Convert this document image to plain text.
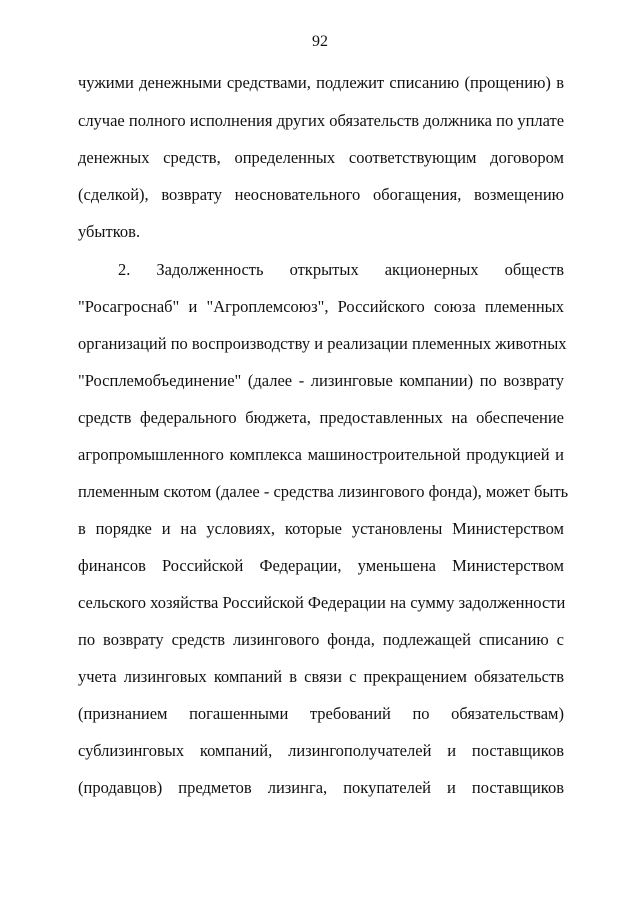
92
чужими денежными средствами, подлежит списанию (прощению) в
случае полного исполнения других обязательств должника по уплате
денежных средств, определенных соответствующим договором
(сделкой), возврату неосновательного обогащения, возмещению
убытков.
2. Задолженность открытых акционерных обществ
"Росагроснаб" и "Агроплемсоюз", Российского союза племенных
организаций по воспроизводству и реализации племенных животных
"Росплемобъединение" (далее - лизинговые компании) по возврату
средств федерального бюджета, предоставленных на обеспечение
агропромышленного комплекса машиностроительной продукцией и
племенным скотом (далее - средства лизингового фонда), может быть
в порядке и на условиях, которые установлены Министерством
финансов Российской Федерации, уменьшена Министерством
сельского хозяйства Российской Федерации на сумму задолженности
по возврату средств лизингового фонда, подлежащей списанию с
учета лизинговых компаний в связи с прекращением обязательств
(признанием погашенными требований по обязательствам)
сублизинговых компаний, лизингополучателей и поставщиков
(продавцов) предметов лизинга, покупателей и поставщиков
